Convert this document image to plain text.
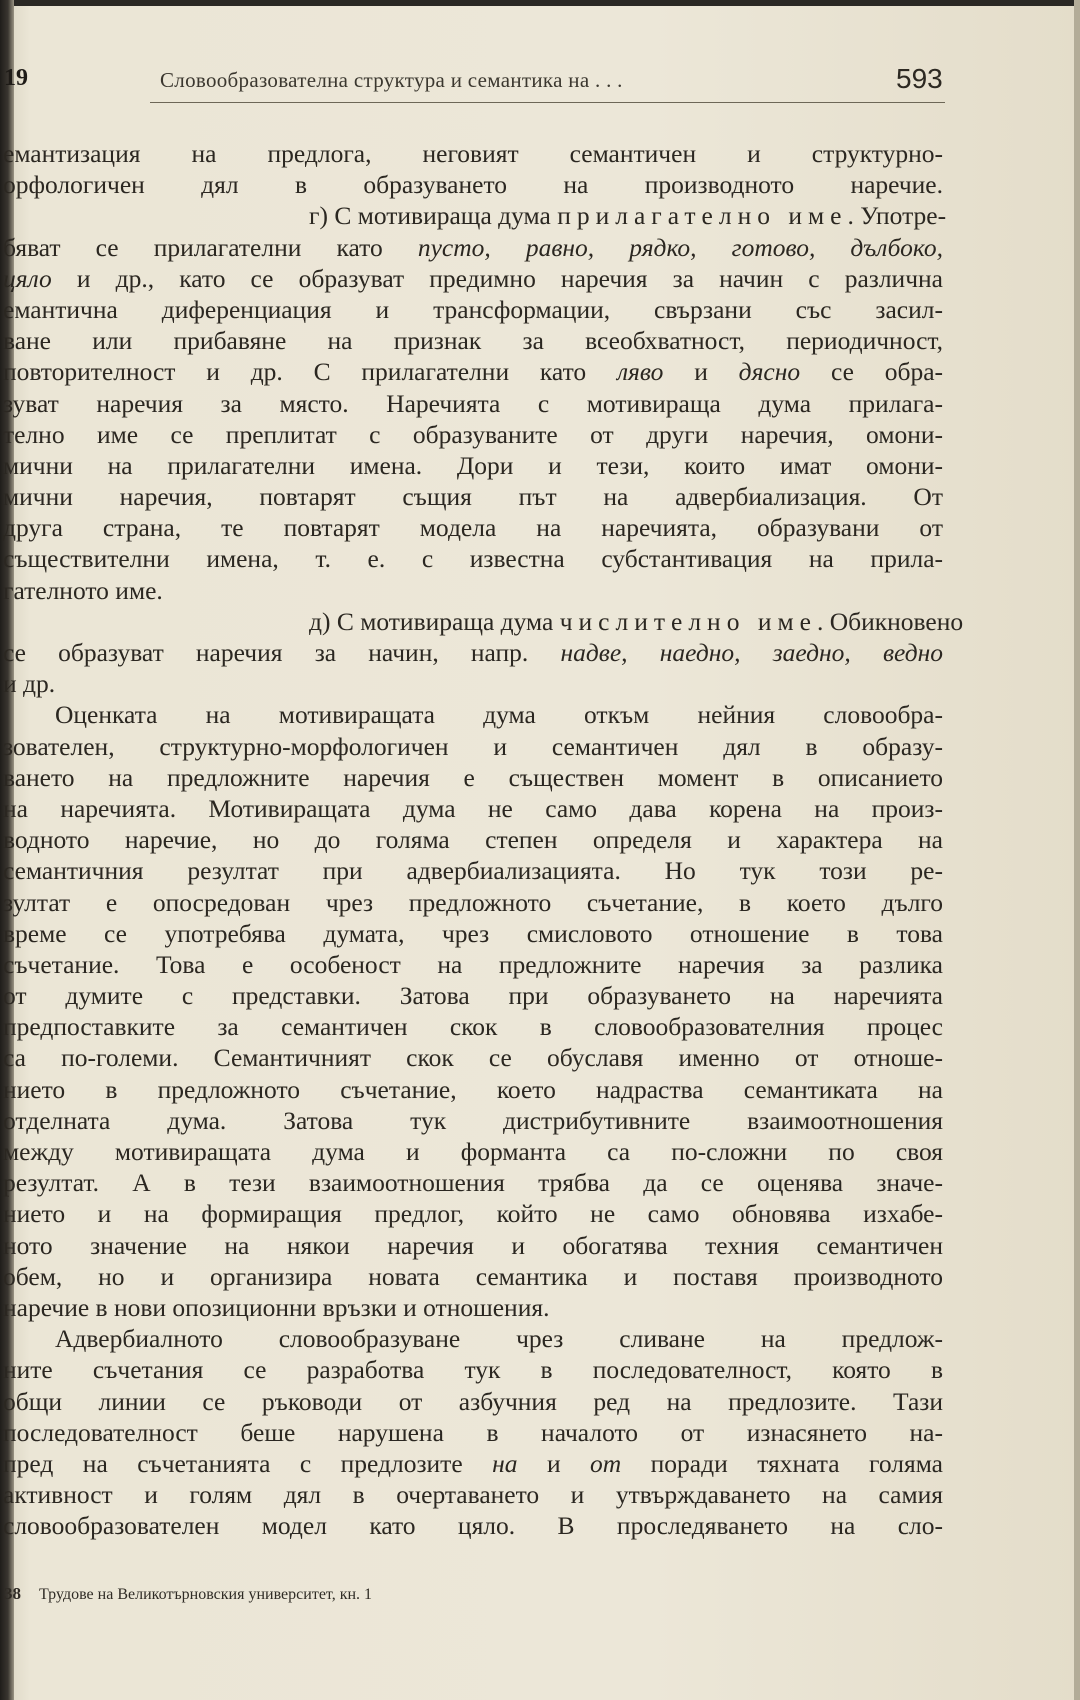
19	Словообразователна структура и семантика на . . .	593
емантизация на предлога, неговият семантичен и структурно-
орфологичен дял в образуването на производното наречие.
г) С мотивираща дума прилагателно име. Употре-
бяват се прилагателни като пусто, равно, рядко, готово, дълбоко,
цяло и др., като се образуват предимно наречия за начин с различна
емантична диференциация и трансформации, свързани със засил-
ване или прибавяне на признак за всеобхватност, периодичност,
повторителност и др. С прилагателни като ляво и дясно се обра-
зуват наречия за място. Наречията с мотивираща дума прилага-
телно име се преплитат с образуваните от други наречия, омони-
мични на прилагателни имена. Дори и тези, които имат омони-
мични наречия, повтарят същия път на адвербиализация. От
друга страна, те повтарят модела на наречията, образувани от
съществителни имена, т. е. с известна субстантивация на прила-
гателното име.
д) С мотивираща дума числително име. Обикновено
се образуват наречия за начин, напр. надве, наедно, заедно, ведно
и др.
Оценката на мотивиращата дума откъм нейния словообра-
зователен, структурно-морфологичен и семантичен дял в образу-
ването на предложните наречия е съществен момент в описанието
на наречията. Мотивиращата дума не само дава корена на произ-
водното наречие, но до голяма степен определя и характера на
семантичния резултат при адвербиализацията. Но тук този ре-
зултат е опосредован чрез предложното съчетание, в което дълго
време се употребява думата, чрез смисловото отношение в това
съчетание. Това е особеност на предложните наречия за разлика
от думите с представки. Затова при образуването на наречията
предпоставките за семантичен скок в словообразователния процес
са по-големи. Семантичният скок се обуславя именно от отноше-
нието в предложното съчетание, което надраства семантиката на
отделната дума. Затова тук дистрибутивните взаимоотношения
между мотивиращата дума и форманта са по-сложни по своя
резултат. А в тези взаимоотношения трябва да се оценява значе-
нието и на формиращия предлог, който не само обновява изхабе-
ното значение на някои наречия и обогатява техния семантичен
обем, но и организира новата семантика и поставя производното
наречие в нови опозиционни връзки и отношения.
Адвербиалното словообразуване чрез сливане на предлож-
ните съчетания се разработва тук в последователност, която в
общи линии се ръководи от азбучния ред на предлозите. Тази
последователност беше нарушена в началото от изнасянето на-
пред на съчетанията с предлозите на и от поради тяхната голяма
активност и голям дял в очертаването и утвърждаването на самия
словообразователен модел като цяло. В проследяването на сло-
38 Трудове на Великотърновския университет, кн. 1
